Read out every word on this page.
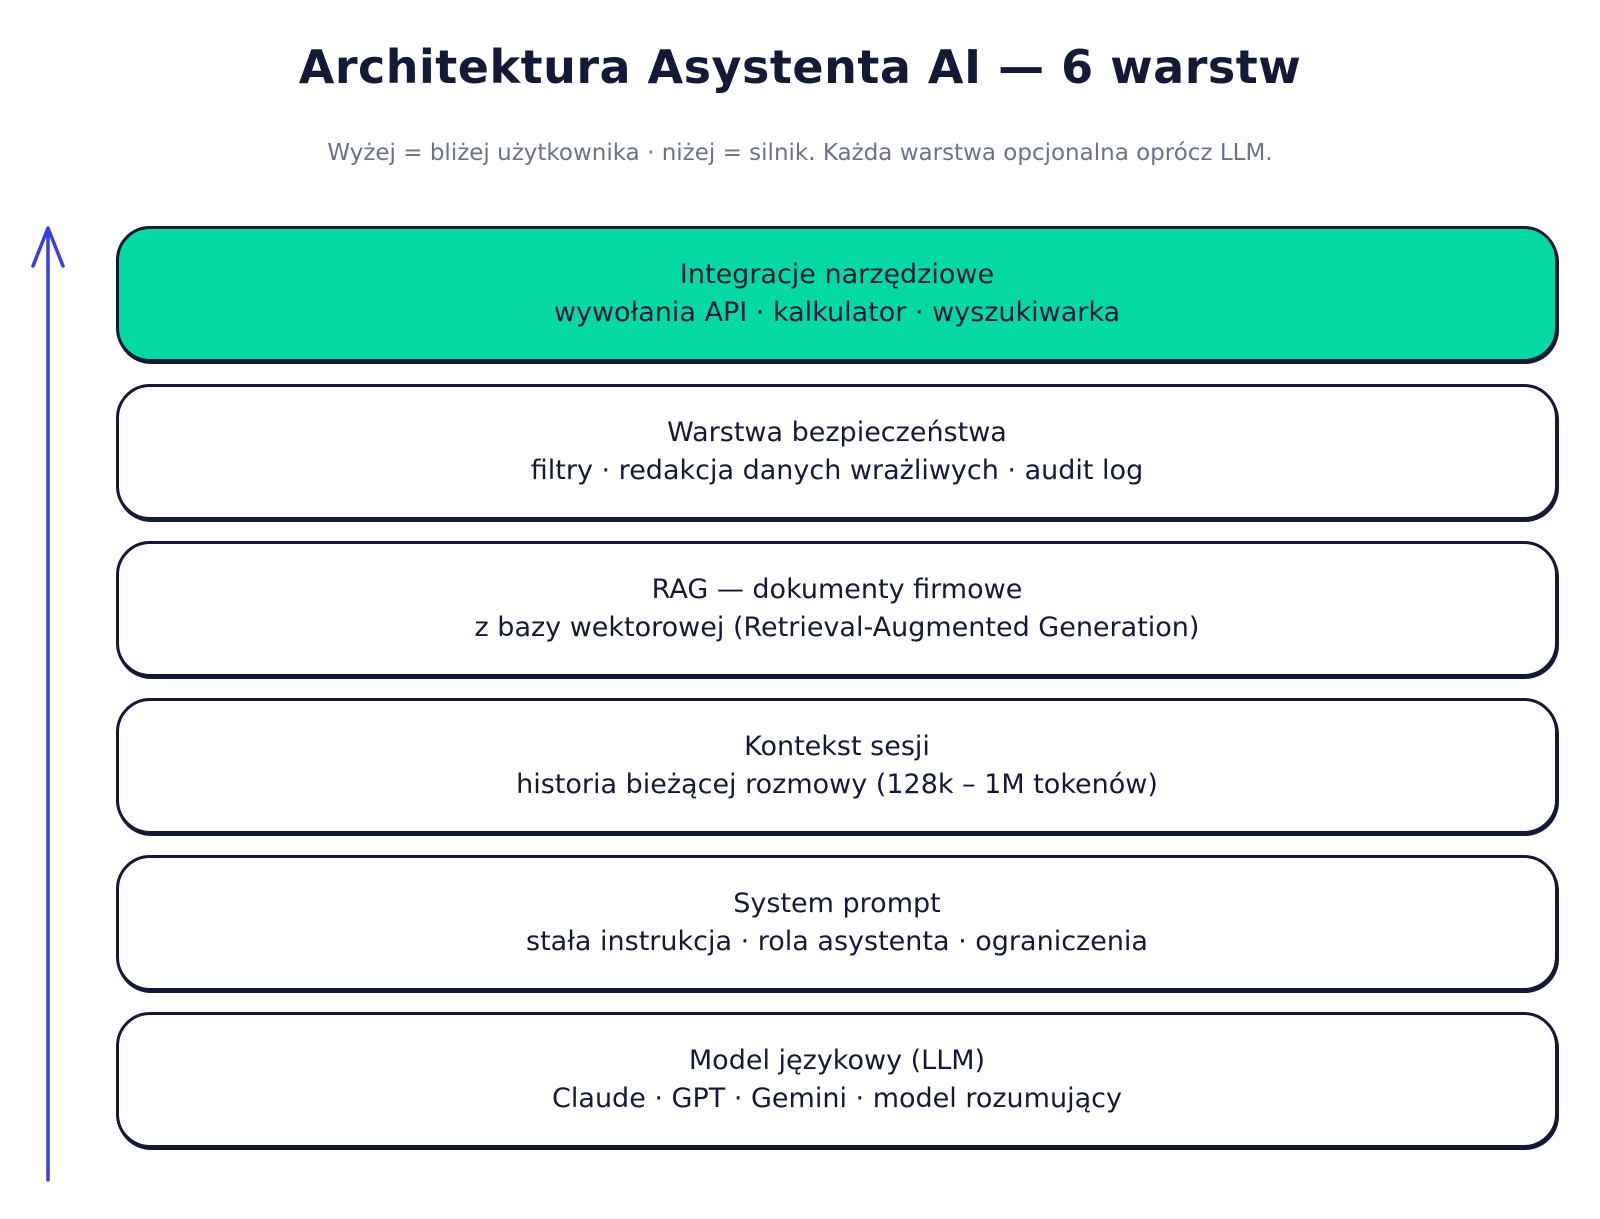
Architektura Asystenta AI — 6 warstw
Wyżej = bliżej użytkownika · niżej = silnik. Każda warstwa opcjonalna oprócz LLM.
Integracje narzędziowe
wywołania API · kalkulator · wyszukiwarka
Warstwa bezpieczeństwa
filtry · redakcja danych wrażliwych · audit log
RAG — dokumenty firmowe
z bazy wektorowej (Retrieval-Augmented Generation)
Kontekst sesji
historia bieżącej rozmowy (128k – 1M tokenów)
System prompt
stała instrukcja · rola asystenta · ograniczenia
Model językowy (LLM)
Claude · GPT · Gemini · model rozumujący
